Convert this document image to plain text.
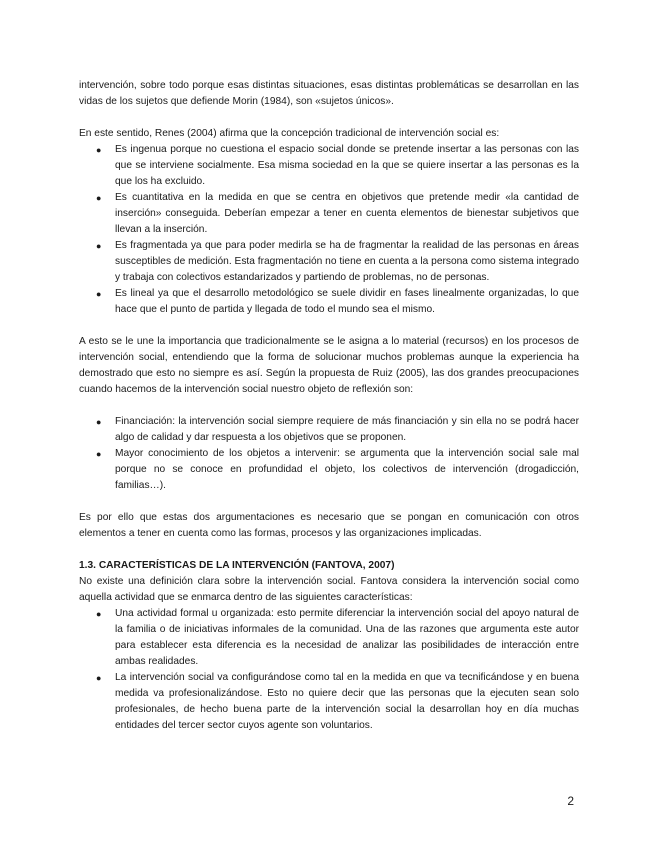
intervención, sobre todo porque esas distintas situaciones, esas distintas problemáticas se desarrollan en las vidas de los sujetos que defiende Morin (1984), son «sujetos únicos».

En este sentido, Renes (2004) afirma que la concepción tradicional de intervención social es:

● Es ingenua porque no cuestiona el espacio social donde se pretende insertar a las personas con las que se interviene socialmente. Esa misma sociedad en la que se quiere insertar a las personas es la que los ha excluido.
● Es cuantitativa en la medida en que se centra en objetivos que pretende medir «la cantidad de inserción» conseguida. Deberían empezar a tener en cuenta elementos de bienestar subjetivos que llevan a la inserción.
● Es fragmentada ya que para poder medirla se ha de fragmentar la realidad de las personas en áreas susceptibles de medición. Esta fragmentación no tiene en cuenta a la persona como sistema integrado y trabaja con colectivos estandarizados y partiendo de problemas, no de personas.
● Es lineal ya que el desarrollo metodológico se suele dividir en fases linealmente organizadas, lo que hace que el punto de partida y llegada de todo el mundo sea el mismo.

A esto se le une la importancia que tradicionalmente se le asigna a lo material (recursos) en los procesos de intervención social, entendiendo que la forma de solucionar muchos problemas aunque la experiencia ha demostrado que esto no siempre es así. Según la propuesta de Ruiz (2005), las dos grandes preocupaciones cuando hacemos de la intervención social nuestro objeto de reflexión son:

● Financiación: la intervención social siempre requiere de más financiación y sin ella no se podrá hacer algo de calidad y dar respuesta a los objetivos que se proponen.
● Mayor conocimiento de los objetos a intervenir: se argumenta que la intervención social sale mal porque no se conoce en profundidad el objeto, los colectivos de intervención (drogadicción, familias…).

Es por ello que estas dos argumentaciones es necesario que se pongan en comunicación con otros elementos a tener en cuenta como las formas, procesos y las organizaciones implicadas.

1.3. CARACTERÍSTICAS DE LA INTERVENCIÓN (FANTOVA, 2007)

No existe una definición clara sobre la intervención social. Fantova considera la intervención social como aquella actividad que se enmarca dentro de las siguientes características:

● Una actividad formal u organizada: esto permite diferenciar la intervención social del apoyo natural de la familia o de iniciativas informales de la comunidad. Una de las razones que argumenta este autor para establecer esta diferencia es la necesidad de analizar las posibilidades de interacción entre ambas realidades.
● La intervención social va configurándose como tal en la medida en que va tecnificándose y en buena medida va profesionalizándose. Esto no quiere decir que las personas que la ejecuten sean solo profesionales, de hecho buena parte de la intervención social la desarrollan hoy en día muchas entidades del tercer sector cuyos agente son voluntarios.
2
